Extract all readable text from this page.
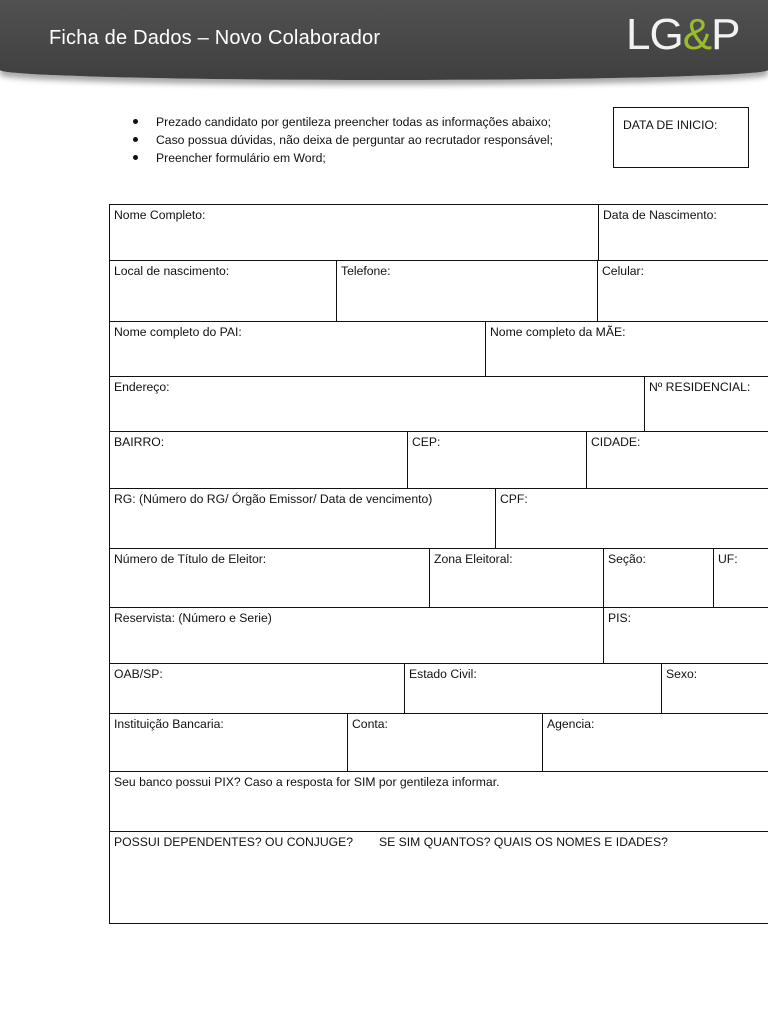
Ficha de Dados – Novo Colaborador	LG&P
Prezado candidato por gentileza preencher todas as informações abaixo;
Caso possua dúvidas, não deixa de perguntar ao recrutador responsável;
Preencher formulário em Word;
DATA DE INICIO:
Nome Completo:	Data de Nascimento:
Local de nascimento:	Telefone:	Celular:
Nome completo do PAI:	Nome completo da MÃE:
Endereço:	Nº RESIDENCIAL:
BAIRRO:	CEP:	CIDADE:
RG: (Número do RG/ Órgão Emissor/ Data de vencimento)	CPF:
Número de Título de Eleitor:	Zona Eleitoral:	Seção:	UF:
Reservista: (Número e Serie)	PIS:
OAB/SP:	Estado Civil:	Sexo:
Instituição Bancaria:	Conta:	Agencia:
Seu banco possui PIX? Caso a resposta for SIM por gentileza informar.
POSSUI DEPENDENTES? OU CONJUGE? SE SIM QUANTOS? QUAIS OS NOMES E IDADES?
